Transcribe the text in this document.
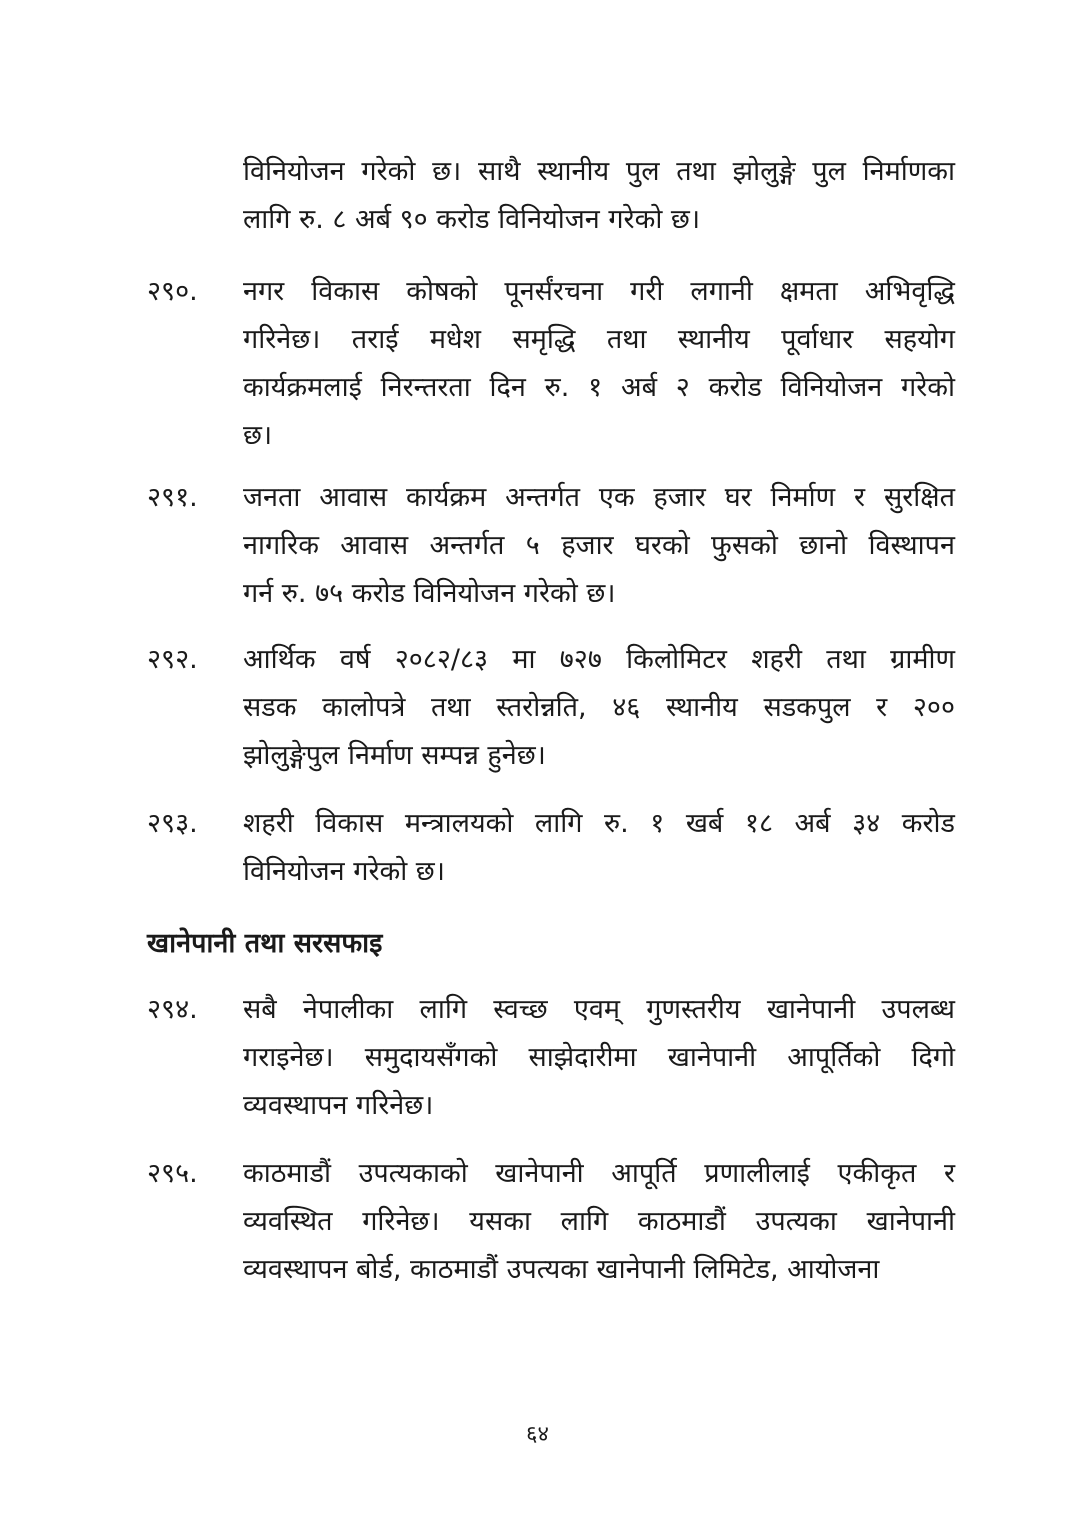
विनियोजन गरेको छ। साथै स्थानीय पुल तथा झोलुङ्गे पुल निर्माणका
लागि रु. ८ अर्ब ९० करोड विनियोजन गरेको छ।
२९०.	नगर विकास कोषको पूनर्संरचना गरी लगानी क्षमता अभिवृद्धि
गरिनेछ। तराई मधेश समृद्धि तथा स्थानीय पूर्वाधार सहयोग
कार्यक्रमलाई निरन्तरता दिन रु. १ अर्ब २ करोड विनियोजन गरेको
छ।
२९१.	जनता आवास कार्यक्रम अन्तर्गत एक हजार घर निर्माण र सुरक्षित
नागरिक आवास अन्तर्गत ५ हजार घरको फुसको छानो विस्थापन
गर्न रु. ७५ करोड विनियोजन गरेको छ।
२९२.	आर्थिक वर्ष २०८२/८३ मा ७२७ किलोमिटर शहरी तथा ग्रामीण
सडक कालोपत्रे तथा स्तरोन्नति, ४६ स्थानीय सडकपुल र २००
झोलुङ्गेपुल निर्माण सम्पन्न हुनेछ।
२९३.	शहरी विकास मन्त्रालयको लागि रु. १ खर्ब १८ अर्ब ३४ करोड
विनियोजन गरेको छ।
खानेपानी तथा सरसफाइ
२९४.	सबै नेपालीका लागि स्वच्छ एवम् गुणस्तरीय खानेपानी उपलब्ध
गराइनेछ। समुदायसँगको साझेदारीमा खानेपानी आपूर्तिको दिगो
व्यवस्थापन गरिनेछ।
२९५.	काठमाडौं उपत्यकाको खानेपानी आपूर्ति प्रणालीलाई एकीकृत र
व्यवस्थित गरिनेछ। यसका लागि काठमाडौं उपत्यका खानेपानी
व्यवस्थापन बोर्ड, काठमाडौं उपत्यका खानेपानी लिमिटेड, आयोजना
६४
